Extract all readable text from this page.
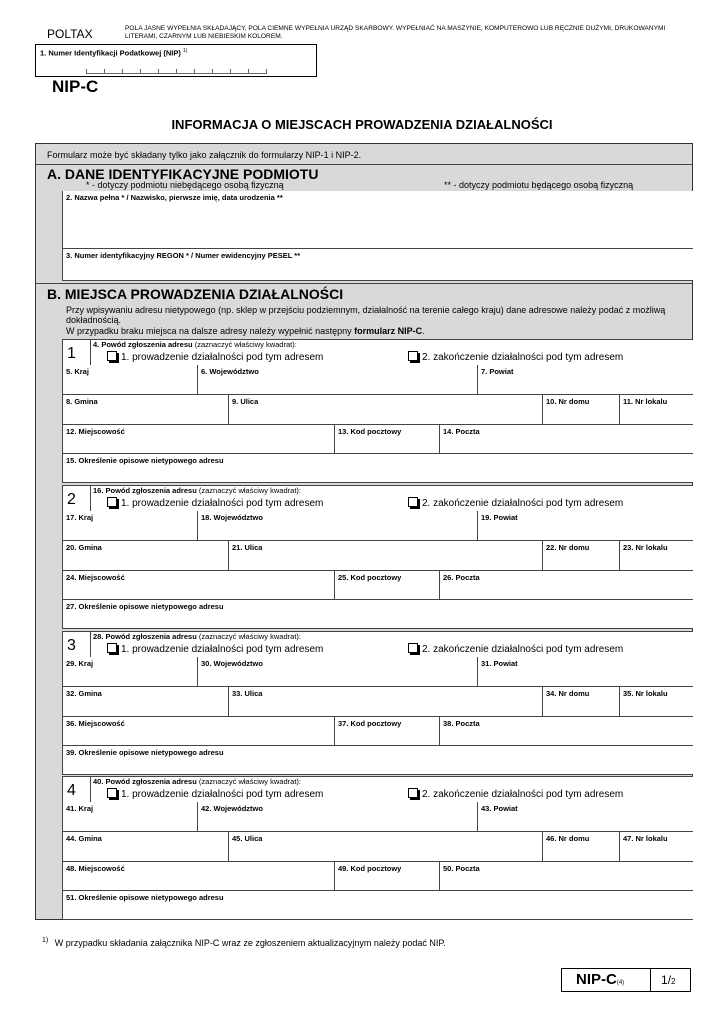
POLTAX	POLA JASNE WYPEŁNIA SKŁADAJĄCY, POLA CIEMNE WYPEŁNIA URZĄD SKARBOWY. WYPEŁNIAĆ NA MASZYNIE, KOMPUTEROWO LUB RĘCZNIE DUŻYMI, DRUKOWANYMI LITERAMI, CZARNYM LUB NIEBIESKIM KOLOREM.
1. Numer Identyfikacji Podatkowej (NIP) $^{1)}$
NIP-C
INFORMACJA O MIEJSCACH PROWADZENIA DZIAŁALNOŚCI
Formularz może być składany tylko jako załącznik do formularzy NIP-1 i NIP-2.
A. DANE IDENTYFIKACYJNE PODMIOTU
* - dotyczy podmiotu niebędącego osobą fizyczną	** - dotyczy podmiotu będącego osobą fizyczną
2. Nazwa pełna * / Nazwisko, pierwsze imię, data urodzenia **
3. Numer identyfikacyjny REGON * / Numer ewidencyjny PESEL **
B. MIEJSCA PROWADZENIA DZIAŁALNOŚCI
Przy wpisywaniu adresu nietypowego (np. sklep w przejściu podziemnym, działalność na terenie całego kraju) dane adresowe należy podać z możliwą dokładnością.
W przypadku braku miejsca na dalsze adresy należy wypełnić następny formularz NIP-C.
1
4. Powód zgłoszenia adresu (zaznaczyć właściwy kwadrat):
1. prowadzenie działalności pod tym adresem	2. zakończenie działalności pod tym adresem
5. Kraj	6. Województwo	7. Powiat
8. Gmina	9. Ulica	10. Nr domu	11. Nr lokalu
12. Miejscowość	13. Kod pocztowy	14. Poczta
15. Określenie opisowe nietypowego adresu
2
16. Powód zgłoszenia adresu (zaznaczyć właściwy kwadrat):
1. prowadzenie działalności pod tym adresem	2. zakończenie działalności pod tym adresem
17. Kraj	18. Województwo	19. Powiat
20. Gmina	21. Ulica	22. Nr domu	23. Nr lokalu
24. Miejscowość	25. Kod pocztowy	26. Poczta
27. Określenie opisowe nietypowego adresu
3
28. Powód zgłoszenia adresu (zaznaczyć właściwy kwadrat):
1. prowadzenie działalności pod tym adresem	2. zakończenie działalności pod tym adresem
29. Kraj	30. Województwo	31. Powiat
32. Gmina	33. Ulica	34. Nr domu	35. Nr lokalu
36. Miejscowość	37. Kod pocztowy	38. Poczta
39. Określenie opisowe nietypowego adresu
4
40. Powód zgłoszenia adresu (zaznaczyć właściwy kwadrat):
1. prowadzenie działalności pod tym adresem	2. zakończenie działalności pod tym adresem
41. Kraj	42. Województwo	43. Powiat
44. Gmina	45. Ulica	46. Nr domu	47. Nr lokalu
48. Miejscowość	49. Kod pocztowy	50. Poczta
51. Określenie opisowe nietypowego adresu
$^{1)}$ W przypadku składania załącznika NIP-C wraz ze zgłoszeniem aktualizacyjnym należy podać NIP.
NIP-C(4)	1/2
